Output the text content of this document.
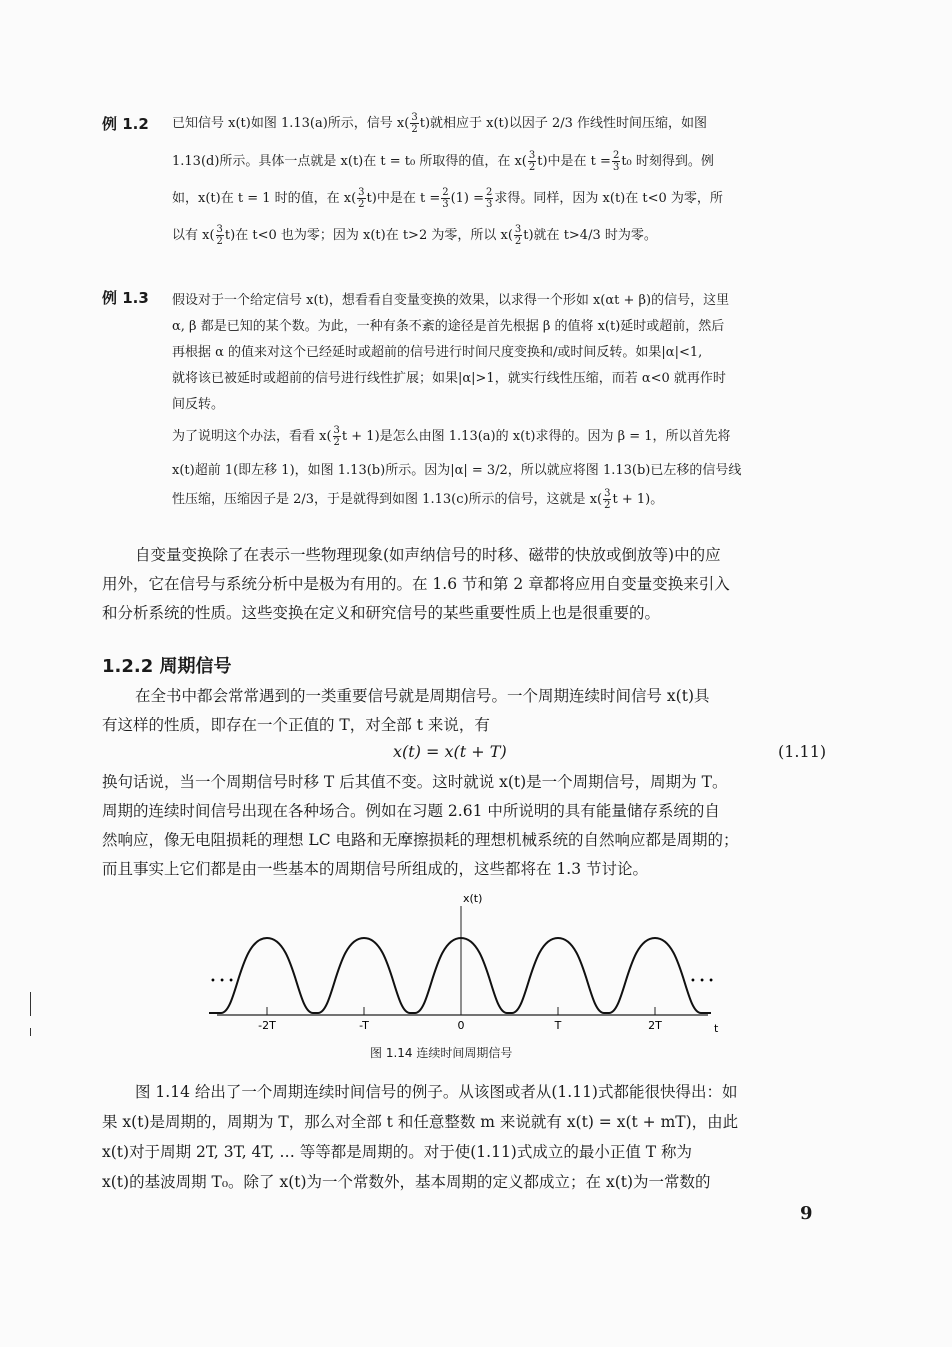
例 1.2 已知信号 x(t)如图 1.13(a)所示，信号 $x( \frac{3}{2} t)$就相应于 x(t)以因子 2/3 作线性时间压缩，如图
1.13(d)所示。具体一点就是 x(t)在 t = t₀ 所取得的值，在 $x( \frac{3}{2} t)$中是在 $t = \frac{2}{3} t_0$ 时刻得到。例
如，x(t)在 t = 1 时的值，在 $x( \frac{3}{2} t)$中是在 $t = \frac{2}{3} (1) = \frac{2}{3}$ 求得。同样，因为 x(t)在 t<0 为零，所
以有 $x( \frac{3}{2} t)$在 t<0 也为零；因为 x(t)在 t>2 为零，所以 $x( \frac{3}{2} t)$就在 t>4/3 时为零。
例 1.3 假设对于一个给定信号 x(t)，想看看自变量变换的效果，以求得一个形如 x(αt + β)的信号，这里
α, β 都是已知的某个数。为此，一种有条不紊的途径是首先根据 β 的值将 x(t)延时或超前，然后
再根据 α 的值来对这个已经延时或超前的信号进行时间尺度变换和/或时间反转。如果|α|<1,
就将该已被延时或超前的信号进行线性扩展；如果|α|>1，就实行线性压缩，而若 α<0 就再作时
间反转。
为了说明这个办法，看看 $x( \frac{3}{2}$ t + 1)是怎么由图 1.13(a)的 x(t)求得的。因为 β = 1，所以首先将
x(t)超前 1(即左移 1)，如图 1.13(b)所示。因为|α| = 3/2，所以就应将图 1.13(b)已左移的信号线
性压缩，压缩因子是 2/3，于是就得到如图 1.13(c)所示的信号，这就是 $x( \frac{3}{2}$ t + 1)。
自变量变换除了在表示一些物理现象(如声纳信号的时移、磁带的快放或倒放等)中的应
用外，它在信号与系统分析中是极为有用的。在 1.6 节和第 2 章都将应用自变量变换来引入
和分析系统的性质。这些变换在定义和研究信号的某些重要性质上也是很重要的。
1.2.2 周期信号
在全书中都会常常遇到的一类重要信号就是周期信号。一个周期连续时间信号 x(t)具
有这样的性质，即存在一个正值的 T，对全部 t 来说，有
x(t) = x(t + T)	(1.11)
换句话说，当一个周期信号时移 T 后其值不变。这时就说 x(t)是一个周期信号，周期为 T。
周期的连续时间信号出现在各种场合。例如在习题 2.61 中所说明的具有能量储存系统的自
然响应，像无电阻损耗的理想 LC 电路和无摩擦损耗的理想机械系统的自然响应都是周期的；
而且事实上它们都是由一些基本的周期信号所组成的，这些都将在 1.3 节讨论。
x(t)
-2T	-T	0	T	2T
• • •	• • •
t
图 1.14 连续时间周期信号
图 1.14 给出了一个周期连续时间信号的例子。从该图或者从(1.11)式都能很快得出：如
果 x(t)是周期的，周期为 T，那么对全部 t 和任意整数 m 来说就有 x(t) = x(t + mT)，由此
x(t)对于周期 2T, 3T, 4T, … 等等都是周期的。对于使(1.11)式成立的最小正值 T 称为
x(t)的基波周期 T₀。除了 x(t)为一个常数外，基本周期的定义都成立；在 x(t)为一常数的
9
